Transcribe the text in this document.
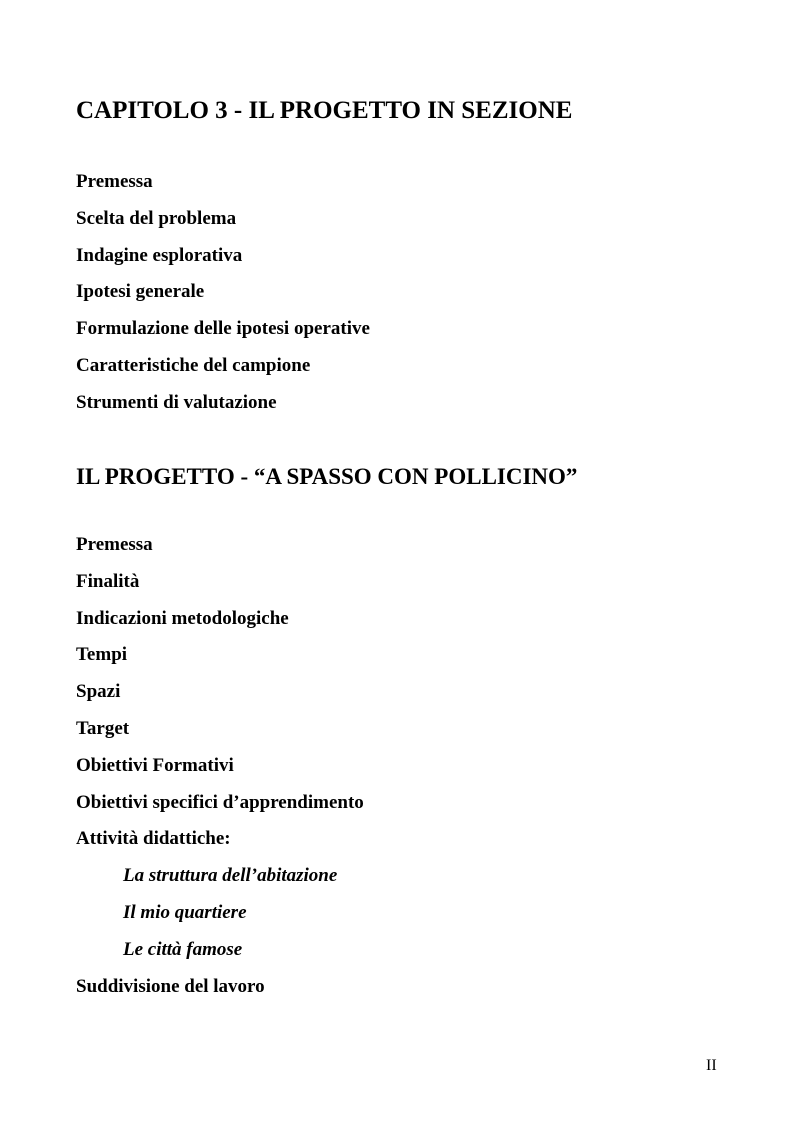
CAPITOLO 3 - IL PROGETTO IN SEZIONE
Premessa
Scelta del problema
Indagine esplorativa
Ipotesi generale
Formulazione delle ipotesi operative
Caratteristiche del campione
Strumenti di valutazione
IL PROGETTO - “A SPASSO CON POLLICINO”
Premessa
Finalità
Indicazioni metodologiche
Tempi
Spazi
Target
Obiettivi Formativi
Obiettivi specifici d’apprendimento
Attività didattiche:
La struttura dell’abitazione
Il mio quartiere
Le città famose
Suddivisione del lavoro
II
